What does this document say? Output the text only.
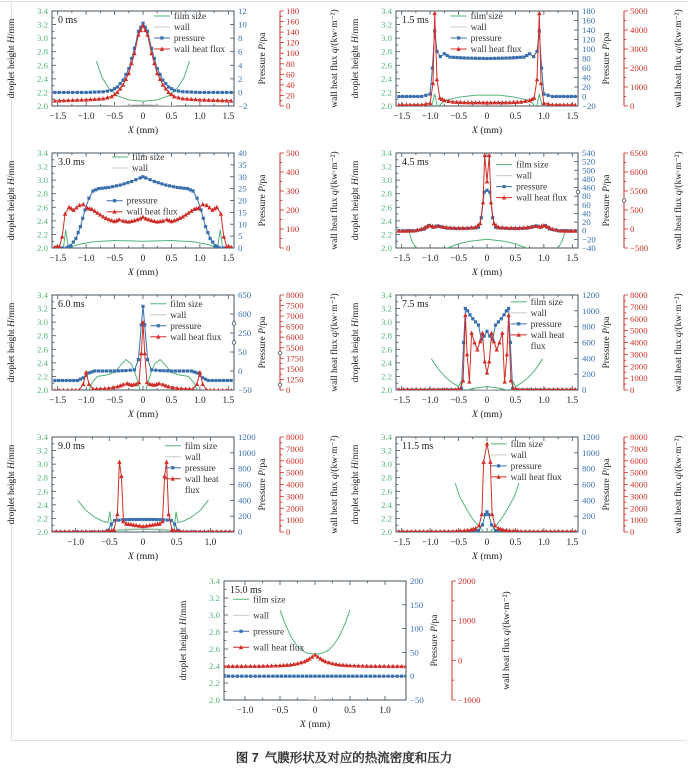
2.0
2.2
2.4
2.6
2.8
3.0
3.2
3.4
droplet height H/mm
−1.5 −1.0 −0.5 0 0.5 1.0 1.5
X (mm)
−2
0
2
4
6
8
10
12
Pressure P/pa
0
20
40
60
80
100
120
140
160
180
wall heat flux q/(kw·m⁻²)
0 ms	film size
wall
pressure
wall heat flux
2.0
2.2
2.4
2.6
2.8
3.0
3.2
3.4
droplet height H/mm
−1.5 −1.0 −0.5 0 0.5 1.0 1.5
X (mm)
−20
0
20
40
60
80
100
120
140
160
180
Pressure P/pa
0
1000
2000
3000
4000
5000
wall heat flux q/(kw·m⁻²)
1.5 ms	film size
wall
pressure
wall heat flux
2.0
2.2
2.4
2.6
2.8
3.0
3.2
3.4
droplet height H/mm
−1.5 −1.0 −0.5 0 0.5 1.0 1.5
X (mm)
0
5
10
15
20
25
30
35
40
Pressure P/pa
0
100
200
300
400
500
wall heat flux q/(kw·m⁻²)
3.0 ms	film size
wall
pressure
wall heat flux
2.0
2.2
2.4
2.6
2.8
3.0
3.2
3.4
droplet height H/mm
−1.5 −1.0 −0.5 0 0.5 1.0 1.5
X (mm)
−40
−20
0
20
40
60
80
460
480
500
520
540
Pressure P/pa
−500
0
500
5500
6000
6500
wall heat flux q/(kw·m⁻²)
4.5 ms	film size
wall
pressure
wall heat flux
2.0
2.2
2.4
2.6
2.8
3.0
3.2
3.4
droplet height H/mm
−1.5 −1.0 −0.5 0 0.5 1.0 1.5
X (mm)
−50
0
50
250
600
650
Pressure P/pa
0
1250
1500
1750
5500
6000
6500
7000
7500
8000
wall heat flux q/(kw·m⁻²)
6.0 ms	film size
wall
pressure
wall heat flux
2.0
2.2
2.4
2.6
2.8
3.0
3.2
3.4
droplet height H/mm
−1.5 −1.0 −0.5 0 0.5 1.0 1.5
X (mm)
0
200
400
600
800
1000
1200
Pressure P/pa
0
1000
2000
3000
4000
5000
6000
7000
8000
wall heat flux q/(kw·m⁻²)
7.5 ms	film size
wall
pressure
wall heat
flux
2.0
2.2
2.4
2.6
2.8
3.0
3.2
3.4
droplet height H/mm
−1.0 −0.5 0	0.5 1.0
X (mm)
0
200
400
600
800
1000
1200
Pressure P/pa
0
1000
2000
3000
4000
5000
6000
7000
8000
wall heat flux q/(kw·m⁻²)
9.0 ms	film size
wall
pressure
wall heat
flux
2.0
2.2
2.4
2.6
2.8
3.0
3.2
3.4
droplet height H/mm
−1.5 −1.0 −0.5 0 0.5 1.0 1.5
X (mm)
0
200
400
600
800
1000
1200
Pressure P/pa
0
1000
2000
3000
4000
5000
6000
7000
8000
wall heat flux q/(kw·m⁻²)
11.5 ms	film size
wall
pressure
wall heat flux
2.0
2.2
2.4
2.6
2.8
3.0
3.2
3.4
droplet height H/mm
−1.0 −0.5	0	0.5	1.0
X (mm)
−50
0
50
100
150
200
Pressure P/pa
−1000
0
1000
2000
wall heat flux q/(kw·m⁻²)
15.0 ms
film size
wall
pressure
wall heat flux
图 7 气膜形状及对应的热流密度和压力
